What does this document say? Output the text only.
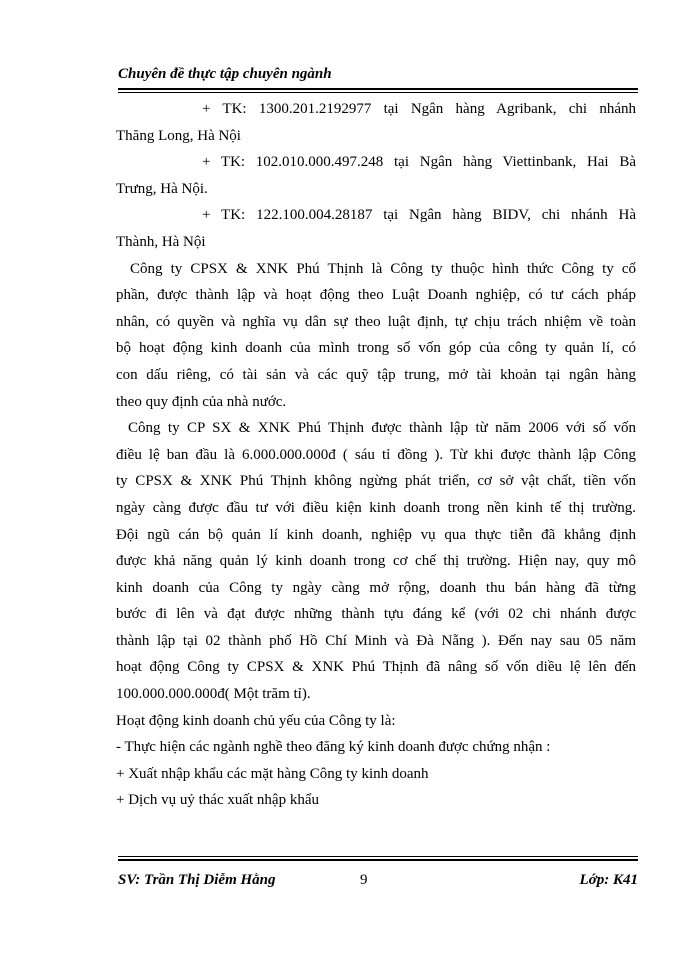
Chuyên đề thực tập chuyên ngành
+ TK: 1300.201.2192977 tại Ngân hàng Agribank, chi nhánh
Thăng Long, Hà Nội
+ TK: 102.010.000.497.248 tại Ngân hàng Viettinbank, Hai Bà
Trưng, Hà Nội.
+ TK: 122.100.004.28187 tại Ngân hàng BIDV, chi nhánh Hà
Thành, Hà Nội
Công ty CPSX & XNK Phú Thịnh là Công ty thuộc hình thức Công ty cổ
phần, được thành lập và hoạt động theo Luật Doanh nghiệp, có tư cách pháp
nhân, có quyền và nghĩa vụ dân sự theo luật định, tự chịu trách nhiệm về toàn
bộ hoạt động kinh doanh của mình trong số vốn góp của công ty quản lí, có
con dấu riêng, có tài sản và các quỹ tập trung, mở tài khoản tại ngân hàng
theo quy định của nhà nước.
Công ty CP SX & XNK Phú Thịnh được thành lập từ năm 2006 với số vốn
điều lệ ban đầu là 6.000.000.000đ ( sáu tỉ đồng ). Từ khi được thành lập Công
ty CPSX & XNK Phú Thịnh không ngừng phát triển, cơ sở vật chất, tiền vốn
ngày càng được đầu tư với điều kiện kinh doanh trong nền kinh tế thị trường.
Đội ngũ cán bộ quản lí kinh doanh, nghiệp vụ qua thực tiễn đã khẳng định
được khả năng quản lý kinh doanh trong cơ chế thị trường. Hiện nay, quy mô
kinh doanh của Công ty ngày càng mở rộng, doanh thu bán hàng đã từng
bước đi lên và đạt được những thành tựu đáng kể (với 02 chi nhánh được
thành lập tại 02 thành phố Hồ Chí Minh và Đà Nẵng ). Đến nay sau 05 năm
hoạt động Công ty CPSX & XNK Phú Thịnh đã nâng số vốn diều lệ lên đến
100.000.000.000đ( Một trăm tỉ).
Hoạt động kinh doanh chủ yếu của Công ty là:
- Thực hiện các ngành nghề theo đăng ký kinh doanh được chứng nhận :
+ Xuất nhập khẩu các mặt hàng Công ty kinh doanh
+ Dịch vụ uỷ thác xuất nhập khẩu
SV: Trần Thị Diễm Hằng	9	Lớp: K41
